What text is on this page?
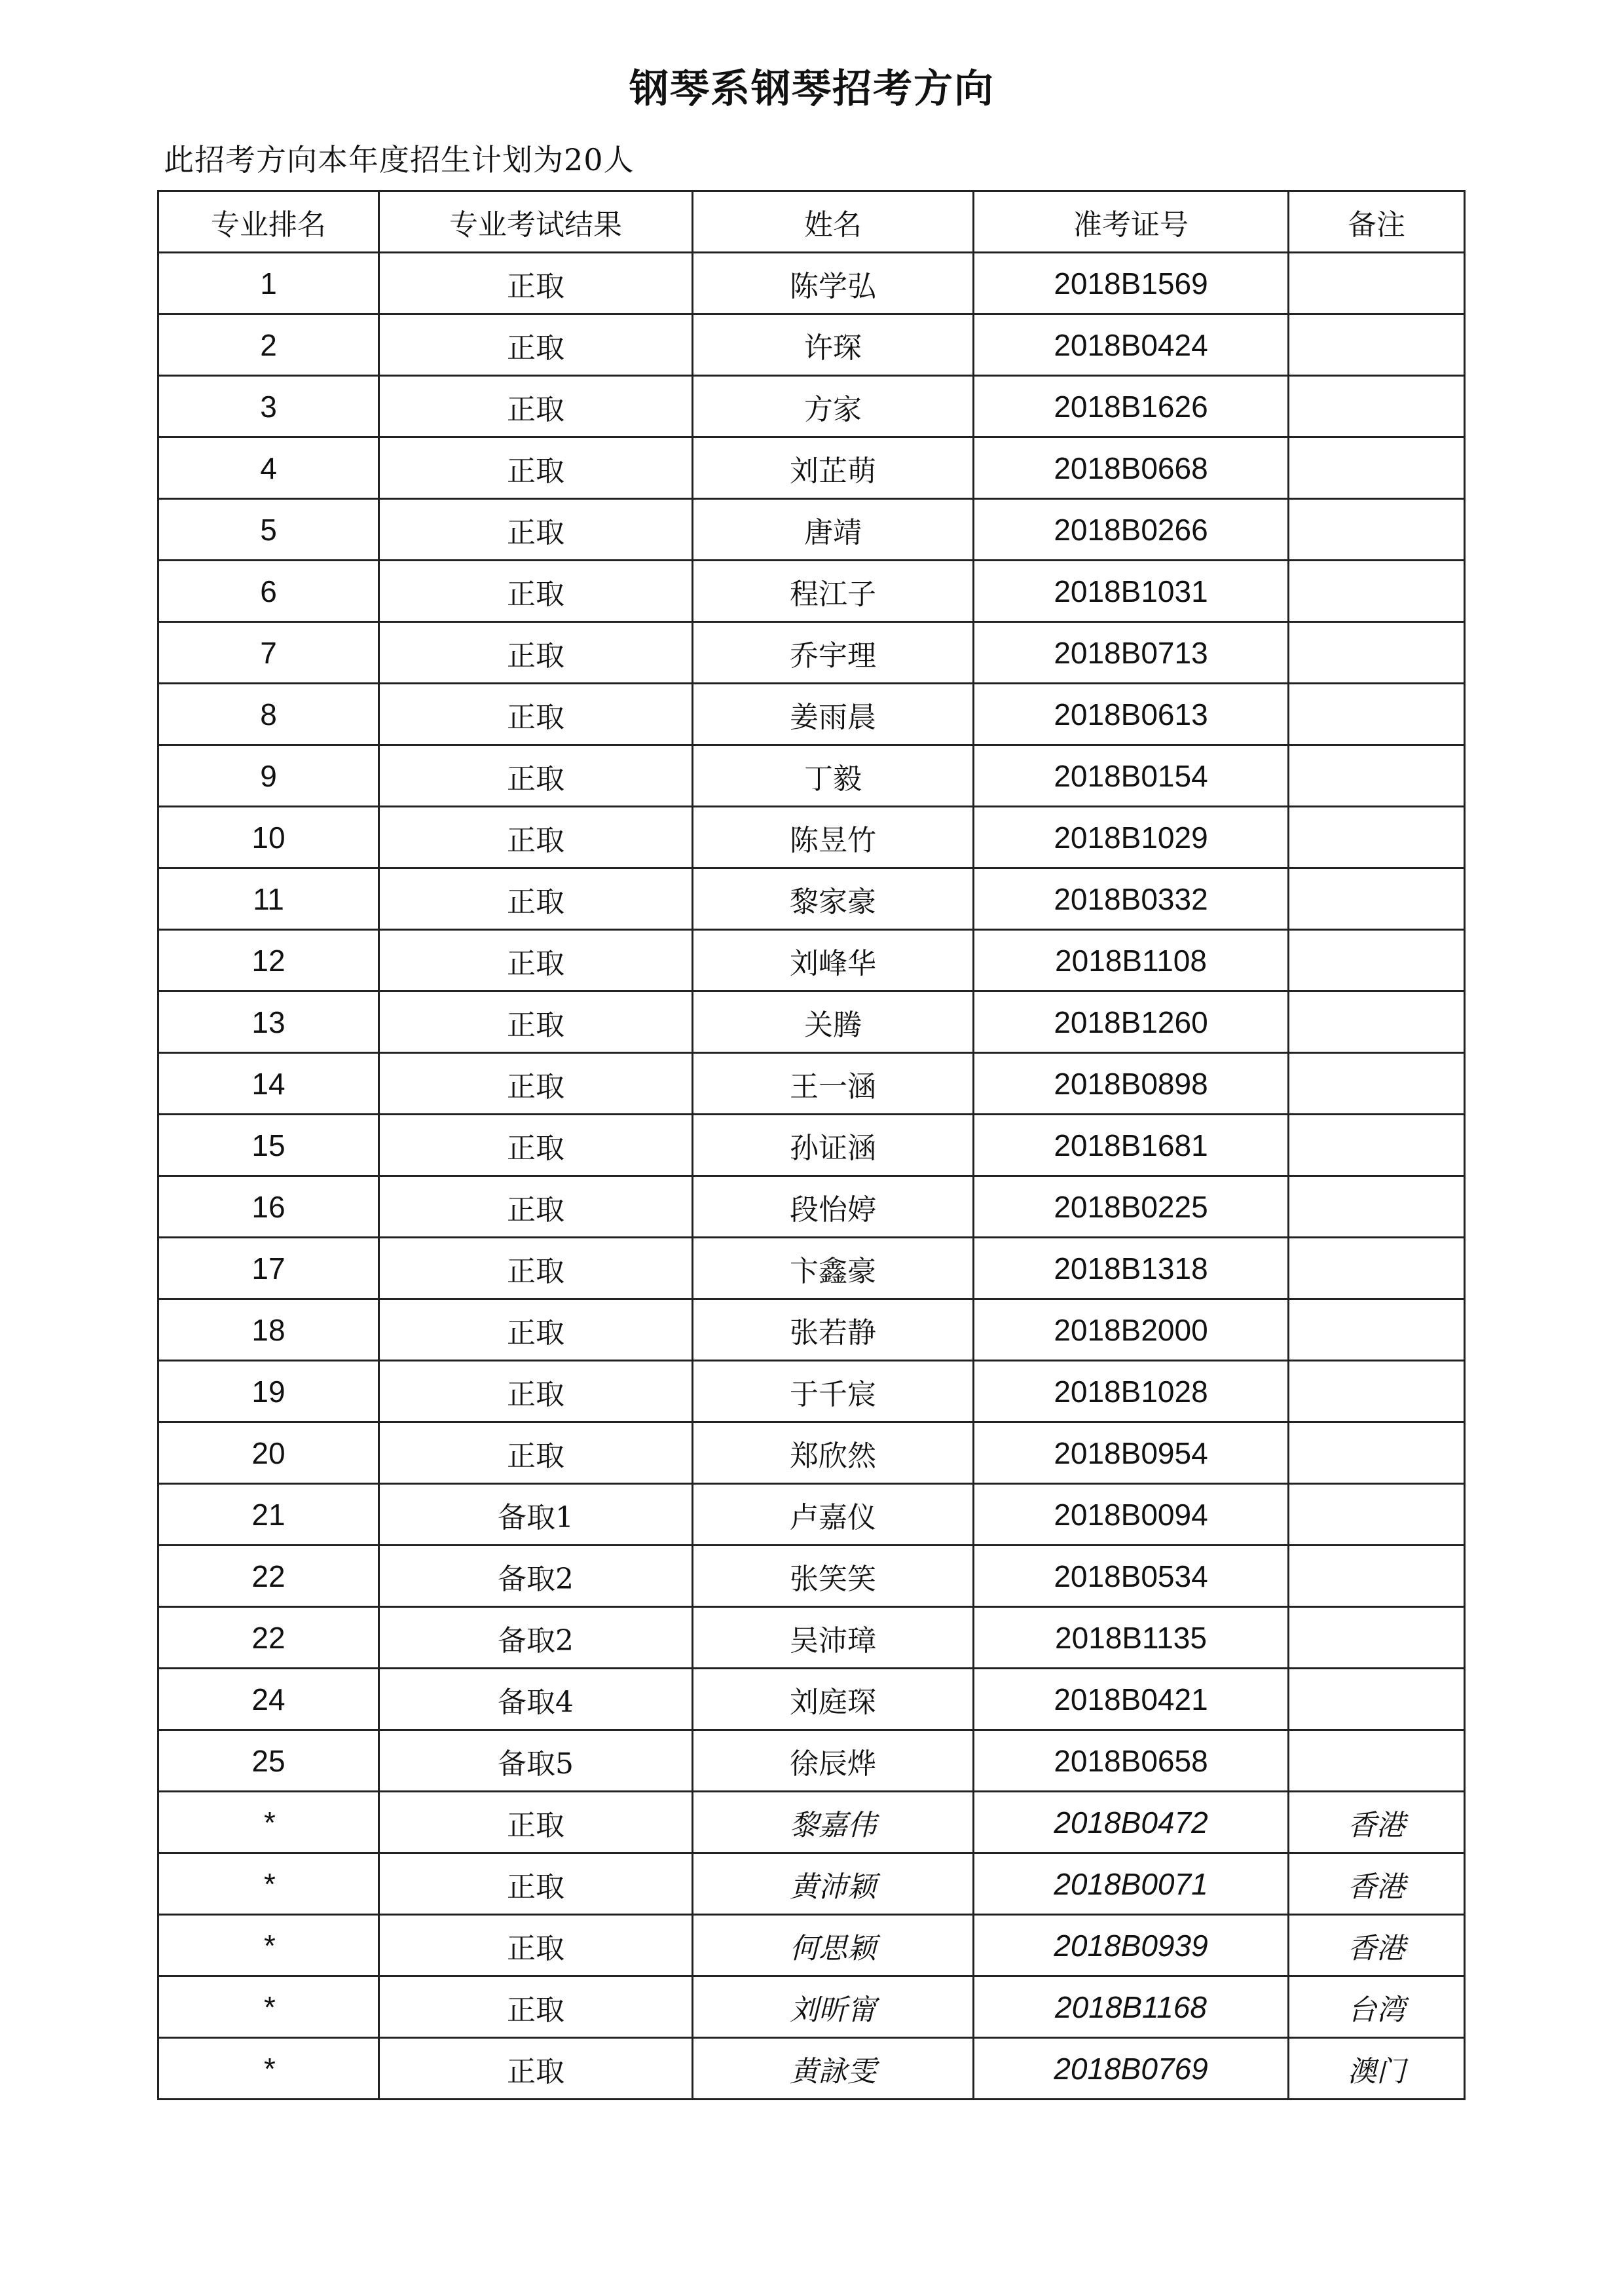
钢琴系钢琴招考方向
此招考方向本年度招生计划为20人
专业排名	专业考试结果	姓名	准考证号	备注
1	正取	陈学弘	2018B1569	
2	正取	许琛	2018B0424	
3	正取	方家	2018B1626	
4	正取	刘芷萌	2018B0668	
5	正取	唐靖	2018B0266	
6	正取	程江子	2018B1031	
7	正取	乔宇理	2018B0713	
8	正取	姜雨晨	2018B0613	
9	正取	丁毅	2018B0154	
10	正取	陈昱竹	2018B1029	
11	正取	黎家豪	2018B0332	
12	正取	刘峰华	2018B1108	
13	正取	关腾	2018B1260	
14	正取	王一涵	2018B0898	
15	正取	孙证涵	2018B1681	
16	正取	段怡婷	2018B0225	
17	正取	卞鑫豪	2018B1318	
18	正取	张若静	2018B2000	
19	正取	于千宸	2018B1028	
20	正取	郑欣然	2018B0954	
21	备取1	卢嘉仪	2018B0094	
22	备取2	张笑笑	2018B0534	
22	备取2	吴沛璋	2018B1135	
24	备取4	刘庭琛	2018B0421	
25	备取5	徐辰烨	2018B0658	
*	正取	黎嘉伟	2018B0472	香港
*	正取	黄沛颖	2018B0071	香港
*	正取	何思颖	2018B0939	香港
*	正取	刘昕甯	2018B1168	台湾
*	正取	黄詠雯	2018B0769	澳门
